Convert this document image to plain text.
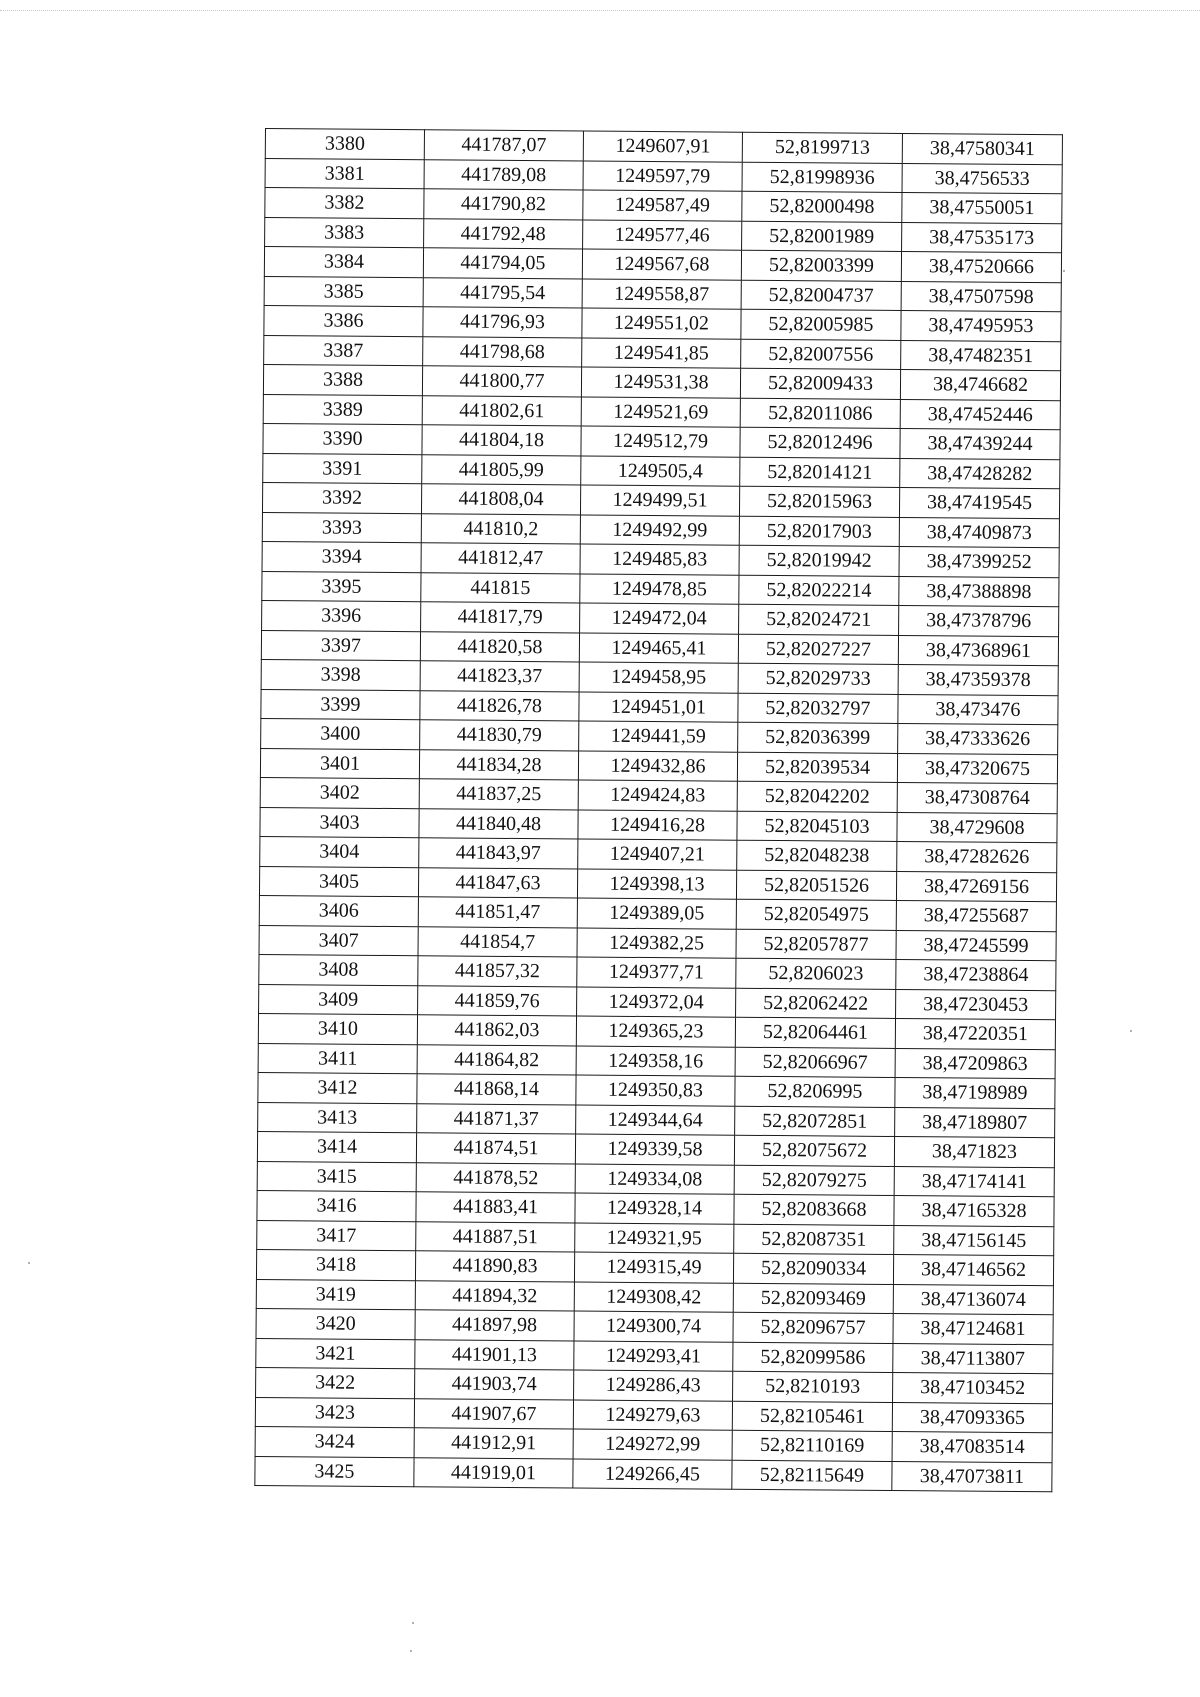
3380	441787,07	1249607,91	52,8199713	38,47580341
3381	441789,08	1249597,79	52,81998936	38,4756533
3382	441790,82	1249587,49	52,82000498	38,47550051
3383	441792,48	1249577,46	52,82001989	38,47535173
3384	441794,05	1249567,68	52,82003399	38,47520666
3385	441795,54	1249558,87	52,82004737	38,47507598
3386	441796,93	1249551,02	52,82005985	38,47495953
3387	441798,68	1249541,85	52,82007556	38,47482351
3388	441800,77	1249531,38	52,82009433	38,4746682
3389	441802,61	1249521,69	52,82011086	38,47452446
3390	441804,18	1249512,79	52,82012496	38,47439244
3391	441805,99	1249505,4	52,82014121	38,47428282
3392	441808,04	1249499,51	52,82015963	38,47419545
3393	441810,2	1249492,99	52,82017903	38,47409873
3394	441812,47	1249485,83	52,82019942	38,47399252
3395	441815	1249478,85	52,82022214	38,47388898
3396	441817,79	1249472,04	52,82024721	38,47378796
3397	441820,58	1249465,41	52,82027227	38,47368961
3398	441823,37	1249458,95	52,82029733	38,47359378
3399	441826,78	1249451,01	52,82032797	38,473476
3400	441830,79	1249441,59	52,82036399	38,47333626
3401	441834,28	1249432,86	52,82039534	38,47320675
3402	441837,25	1249424,83	52,82042202	38,47308764
3403	441840,48	1249416,28	52,82045103	38,4729608
3404	441843,97	1249407,21	52,82048238	38,47282626
3405	441847,63	1249398,13	52,82051526	38,47269156
3406	441851,47	1249389,05	52,82054975	38,47255687
3407	441854,7	1249382,25	52,82057877	38,47245599
3408	441857,32	1249377,71	52,8206023	38,47238864
3409	441859,76	1249372,04	52,82062422	38,47230453
3410	441862,03	1249365,23	52,82064461	38,47220351
3411	441864,82	1249358,16	52,82066967	38,47209863
3412	441868,14	1249350,83	52,8206995	38,47198989
3413	441871,37	1249344,64	52,82072851	38,47189807
3414	441874,51	1249339,58	52,82075672	38,471823
3415	441878,52	1249334,08	52,82079275	38,47174141
3416	441883,41	1249328,14	52,82083668	38,47165328
3417	441887,51	1249321,95	52,82087351	38,47156145
3418	441890,83	1249315,49	52,82090334	38,47146562
3419	441894,32	1249308,42	52,82093469	38,47136074
3420	441897,98	1249300,74	52,82096757	38,47124681
3421	441901,13	1249293,41	52,82099586	38,47113807
3422	441903,74	1249286,43	52,8210193	38,47103452
3423	441907,67	1249279,63	52,82105461	38,47093365
3424	441912,91	1249272,99	52,82110169	38,47083514
3425	441919,01	1249266,45	52,82115649	38,47073811
